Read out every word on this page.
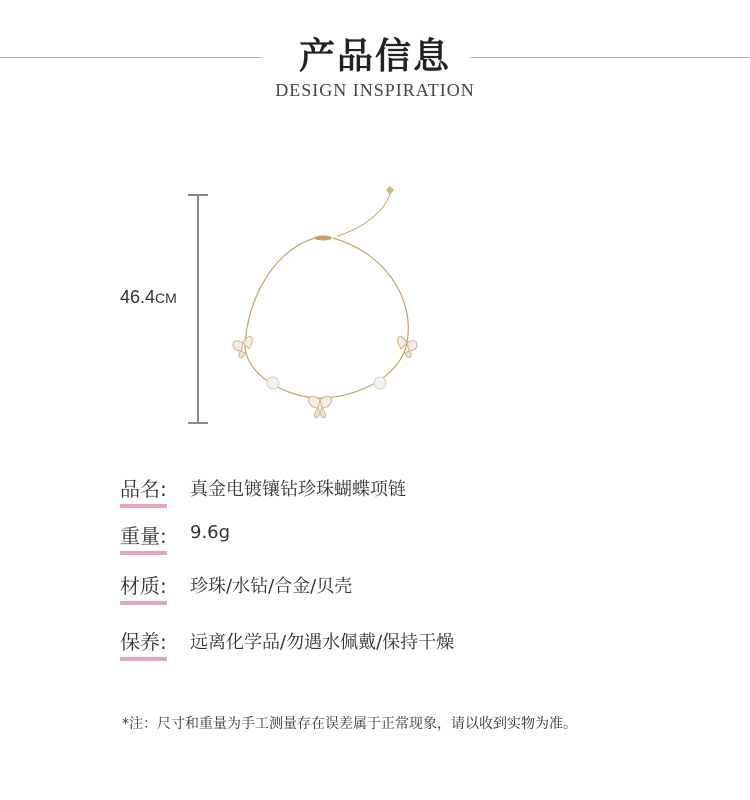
产品信息
DESIGN INSPIRATION
46.4CM
品名: 真金电镀镶钻珍珠蝴蝶项链
重量: 9.6g
材质: 珍珠/水钻/合金/贝壳
保养: 远离化学品/勿遇水佩戴/保持干燥
*注：尺寸和重量为手工测量存在误差属于正常现象，请以收到实物为准。
